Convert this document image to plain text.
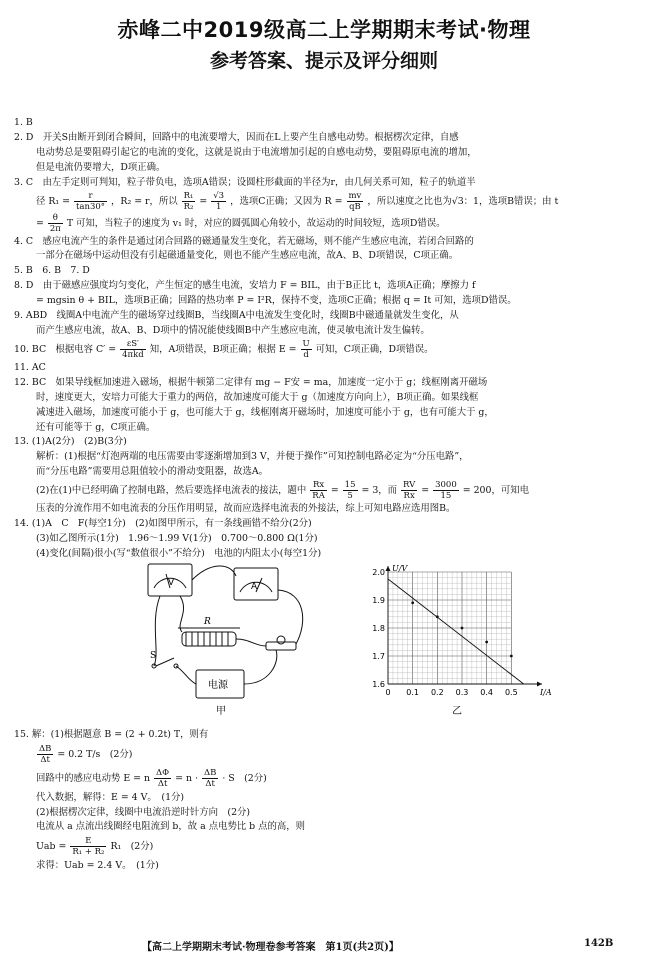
赤峰二中2019级高二上学期期末考试·物理
参考答案、提示及评分细则

1. B

2. D　开关S由断开到闭合瞬间，回路中的电流要增大，因而在L上要产生自感电动势。根据楞次定律，自感

电动势总是要阻碍引起它的电流的变化，这就是说由于电流增加引起的自感电动势，要阻碍原电流的增加，

但是电流仍要增大，D项正确。

3. C　由左手定则可判知，粒子带负电，选项A错误；设圆柱形截面的半径为r，由几何关系可知，粒子的轨道半

径 $R_1 = \frac{r}{\tan 30^\circ}$ ，R₂ = r，所以 $\frac{\text{R₁}}{\text{R₂}} = \frac{√3}{1}$ ，选项C正确；又因为 $R = \frac{mv}{qB}$ ，所以速度之比也为√3：1，选项B错误；由 t

= $\frac{\theta}{2\pi}$ T 可知，当粒子的速度为 v₁ 时，对应的圆弧圆心角较小，故运动的时间较短，选项D错误。

4. C　感应电流产生的条件是通过闭合回路的磁通量发生变化，若无磁场，则不能产生感应电流，若闭合回路的

一部分在磁场中运动但没有引起磁通量变化，则也不能产生感应电流，故A、B、D项错误，C项正确。

5. B　6. B　7. D

8. D　由于磁感应强度均匀变化，产生恒定的感生电流，安培力 F = BIL，由于B正比 t，选项A正确；摩擦力 f

= mgsin θ + BIL，选项B正确；回路的热功率 P = I²R，保持不变，选项C正确；根据 q = It 可知，选项D错误。

9. ABD　线圈A中电流产生的磁场穿过线圈B，当线圈A中电流发生变化时，线圈B中磁通量就发生变化，从

而产生感应电流，故A、B、D项中的情况能使线圈B中产生感应电流，使灵敏电流计发生偏转。

10. BC　根据电容 $C' = \frac{\varepsilon S'}{\text{4πkd}}$ 知，A项错误，B项正确；根据 $E = \frac{U}{d}$ 可知，C项正确，D项错误。

11. AC

12. BC　如果导线框加速进入磁场，根据牛顿第二定律有 mg − F安 = ma，加速度一定小于 g；线框刚离开磁场

时，速度更大，安培力可能大于重力的两倍，故加速度可能大于 g（加速度方向向上），B项正确。如果线框

减速进入磁场，加速度可能小于 g，也可能大于 g，线框刚离开磁场时，加速度可能小于 g，也有可能大于 g，

还有可能等于 g，C项正确。

13. (1)A(2分)　(2)B(3分)

解析：(1)根据“灯泡两端的电压需要由零逐渐增加到3 V，并便于操作”可知控制电路必定为“分压电路”，

而“分压电路”需要用总阻值较小的滑动变阻器，故选A。

(2)在(1)中已经明确了控制电路，然后要选择电流表的接法，题中 $\frac{Rx}{RA} = \frac{15}{5} = 3$，而 $\frac{RV}{Rx} = \frac{3000}{15} = 200$，可知电

压表的分流作用不如电流表的分压作用明显，故而应选择电流表的外接法，综上可知电路应选用图B。

14. (1)A　C　F(每空1分)　(2)如图甲所示，有一条线画错不给分(2分)

(3)如乙图所示(1分)　1.96～1.99 V(1分)　0.700～0.800 Ω(1分)

(4)变化(间隔)很小(写“数值很小”不给分)　电池的内阻太小(每空1分)

V	A
R
S
电源
甲
0 0.1 0.2 0.3 0.4 0.5
1.6
1.7
1.8
1.9
2.0
I/A
U/V
乙

15. 解：(1)根据题意 B = (2 + 0.2t) T，则有

$\frac{\Delta B}{\Delta t} = 0.2$ T/s　(2分)

回路中的感应电动势 E = n $\frac{\Delta\Phi}{\Delta t} = n \cdot \frac{\Delta B}{\Delta t} \cdot S$　(2分)

代入数据，解得：E = 4 V。　(1分)

(2)根据楞次定律，线圈中电流沿逆时针方向　(2分)

电流从 a 点流出线圈经电阻流到 b，故 a 点电势比 b 点的高，则

Uab = $\frac{E}{\text{R₁ + R₂}} R_1$　(2分)

求得：Uab = 2.4 V。　(1分)

【高二上学期期末考试·物理卷参考答案　第1页(共2页)】	142B
